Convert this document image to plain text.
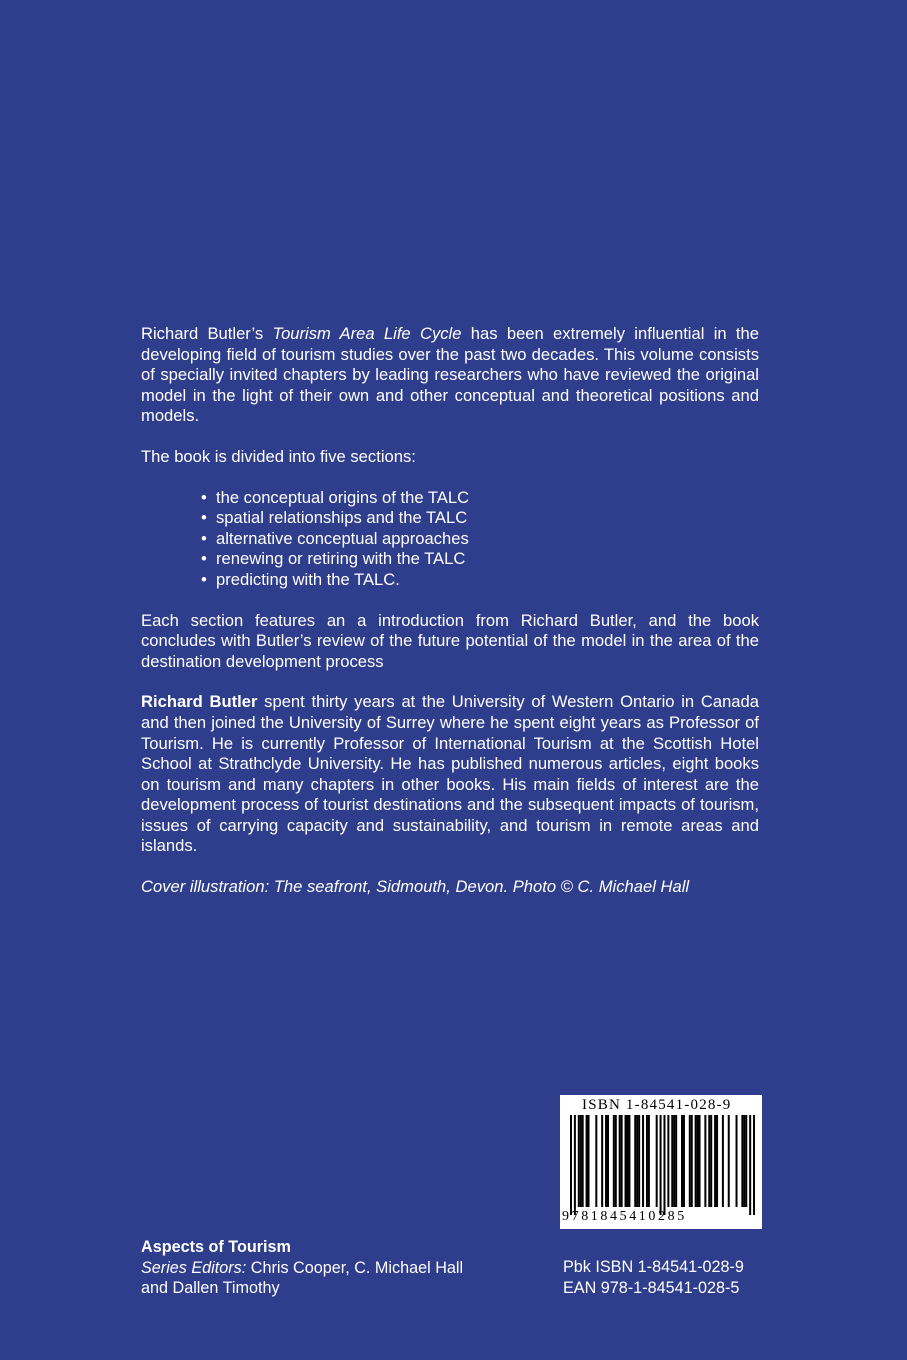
Richard Butler’s Tourism Area Life Cycle has been extremely influential in the developing field of tourism studies over the past two decades. This volume consists of specially invited chapters by leading researchers who have reviewed the original model in the light of their own and other conceptual and theoretical positions and models.

The book is divided into five sections:

• the conceptual origins of the TALC
• spatial relationships and the TALC
• alternative conceptual approaches
• renewing or retiring with the TALC
• predicting with the TALC.

Each section features an a introduction from Richard Butler, and the book concludes with Butler’s review of the future potential of the model in the area of the destination development process

Richard Butler spent thirty years at the University of Western Ontario in Canada and then joined the University of Surrey where he spent eight years as Professor of Tourism. He is currently Professor of International Tourism at the Scottish Hotel School at Strathclyde University. He has published numerous articles, eight books on tourism and many chapters in other books. His main fields of interest are the development process of tourist destinations and the subsequent impacts of tourism, issues of carrying capacity and sustainability, and tourism in remote areas and islands.

Cover illustration: The seafront, Sidmouth, Devon. Photo © C. Michael Hall

ISBN 1-84541-028-9
9781845410285
Aspects of Tourism
Series Editors: Chris Cooper, C. Michael Hall
and Dallen Timothy
Pbk ISBN 1-84541-028-9
EAN 978-1-84541-028-5
